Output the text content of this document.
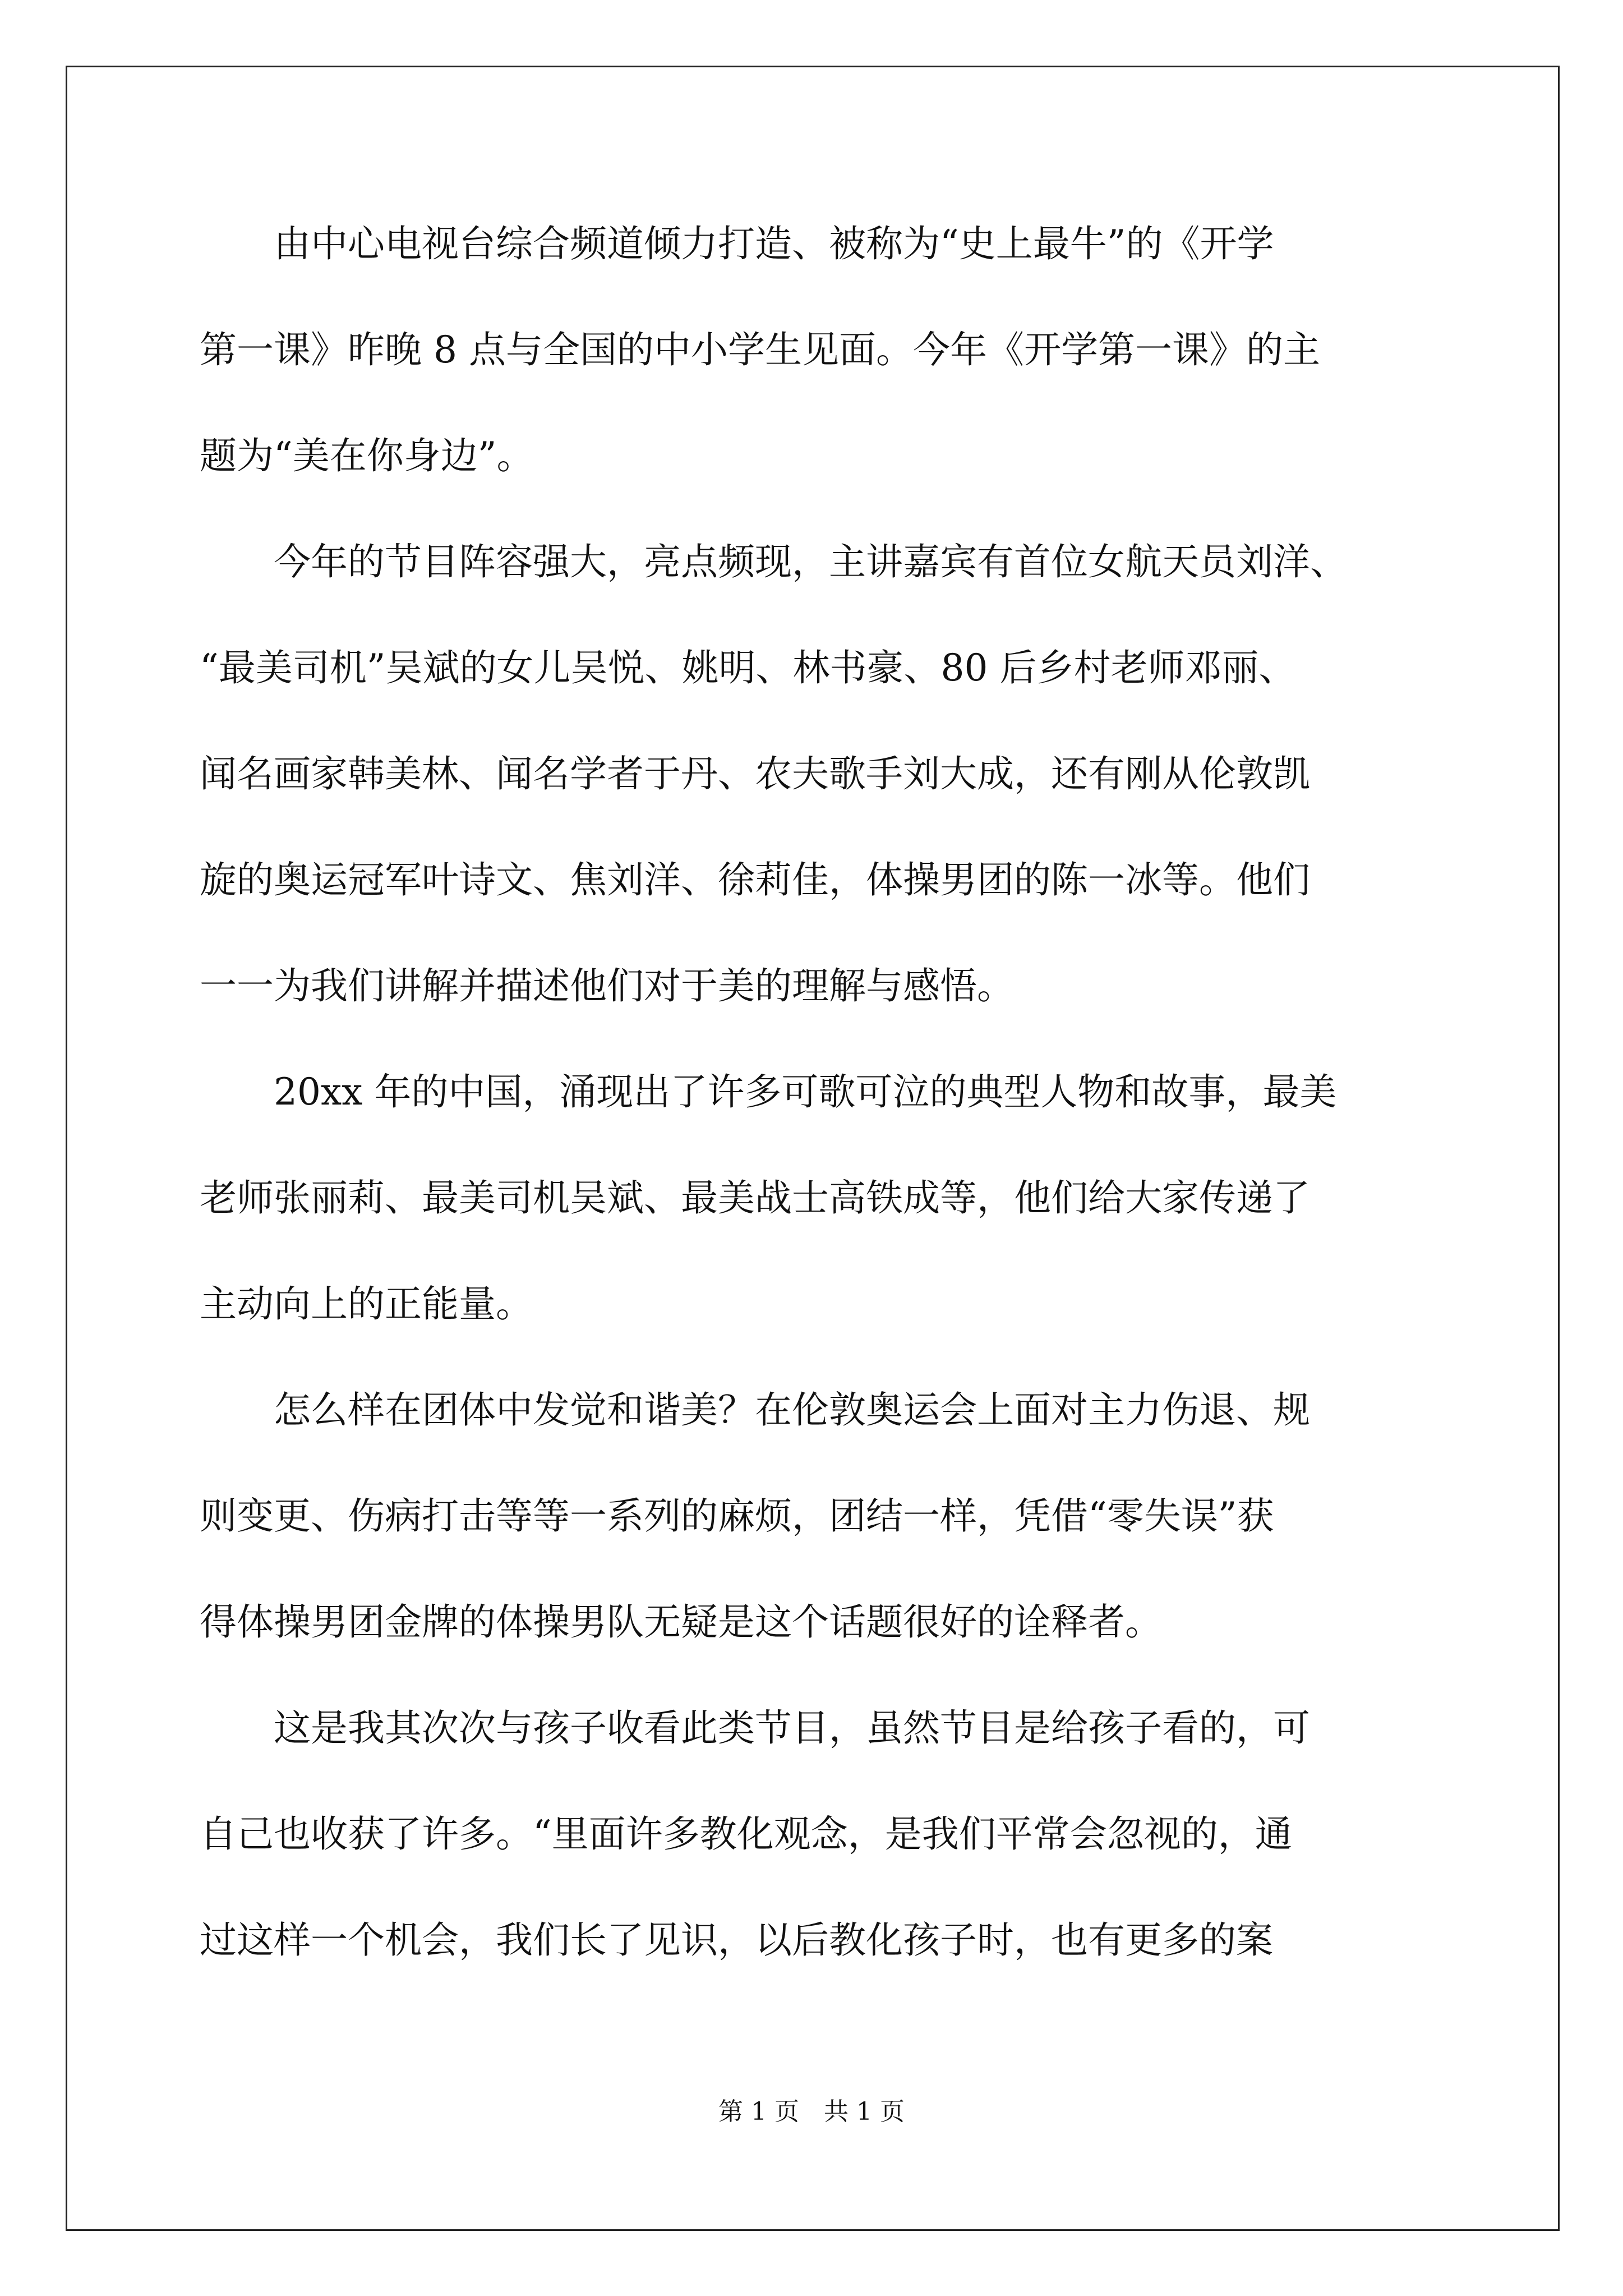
　　由中心电视台综合频道倾力打造、被称为“史上最牛”的《开学
第一课》昨晚 8 点与全国的中小学生见面。今年《开学第一课》的主
题为“美在你身边”。
　　今年的节目阵容强大，亮点频现，主讲嘉宾有首位女航天员刘洋、
“最美司机”吴斌的女儿吴悦、姚明、林书豪、80 后乡村老师邓丽、
闻名画家韩美林、闻名学者于丹、农夫歌手刘大成，还有刚从伦敦凯
旋的奥运冠军叶诗文、焦刘洋、徐莉佳，体操男团的陈一冰等。他们
一一为我们讲解并描述他们对于美的理解与感悟。
　　20xx 年的中国，涌现出了许多可歌可泣的典型人物和故事，最美
老师张丽莉、最美司机吴斌、最美战士高铁成等，他们给大家传递了
主动向上的正能量。
　　怎么样在团体中发觉和谐美？在伦敦奥运会上面对主力伤退、规
则变更、伤病打击等等一系列的麻烦，团结一样，凭借“零失误”获
得体操男团金牌的体操男队无疑是这个话题很好的诠释者。
　　这是我其次次与孩子收看此类节目，虽然节目是给孩子看的，可
自己也收获了许多。“里面许多教化观念，是我们平常会忽视的，通
过这样一个机会，我们长了见识，以后教化孩子时，也有更多的案
第 1 页　共 1 页
